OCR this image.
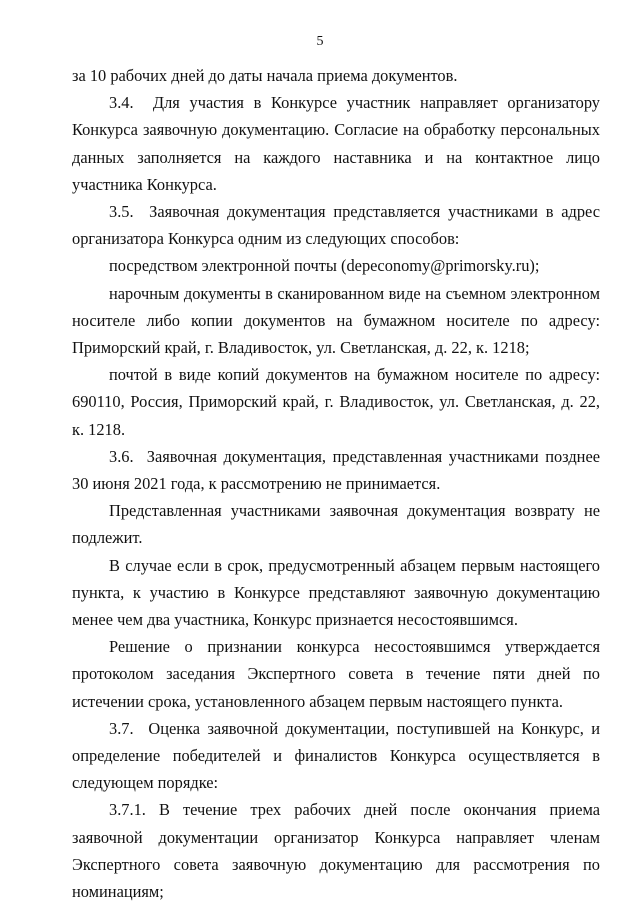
5

за 10 рабочих дней до даты начала приема документов.

3.4.  Для участия в Конкурсе участник направляет организатору Конкурса заявочную документацию. Согласие на обработку персональных данных заполняется на каждого наставника и на контактное лицо участника Конкурса.

3.5.  Заявочная документация представляется участниками в адрес организатора Конкурса одним из следующих способов:

посредством электронной почты (depeconomy@primorsky.ru);

нарочным документы в сканированном виде на съемном электронном носителе либо копии документов на бумажном носителе по адресу: Приморский край, г. Владивосток, ул. Светланская, д. 22, к. 1218;

почтой в виде копий документов на бумажном носителе по адресу: 690110, Россия, Приморский край, г. Владивосток, ул. Светланская, д. 22, к. 1218.

3.6.  Заявочная документация, представленная участниками позднее 30 июня 2021 года, к рассмотрению не принимается.

Представленная участниками заявочная документация возврату не подлежит.

В случае если в срок, предусмотренный абзацем первым настоящего пункта, к участию в Конкурсе представляют заявочную документацию менее чем два участника, Конкурс признается несостоявшимся.

Решение о признании конкурса несостоявшимся утверждается протоколом заседания Экспертного совета в течение пяти дней по истечении срока, установленного абзацем первым настоящего пункта.

3.7.  Оценка заявочной документации, поступившей на Конкурс, и определение победителей и финалистов Конкурса осуществляется в следующем порядке:

3.7.1. В течение трех рабочих дней после окончания приема заявочной документации организатор Конкурса направляет членам Экспертного совета заявочную документацию для рассмотрения по номинациям;
